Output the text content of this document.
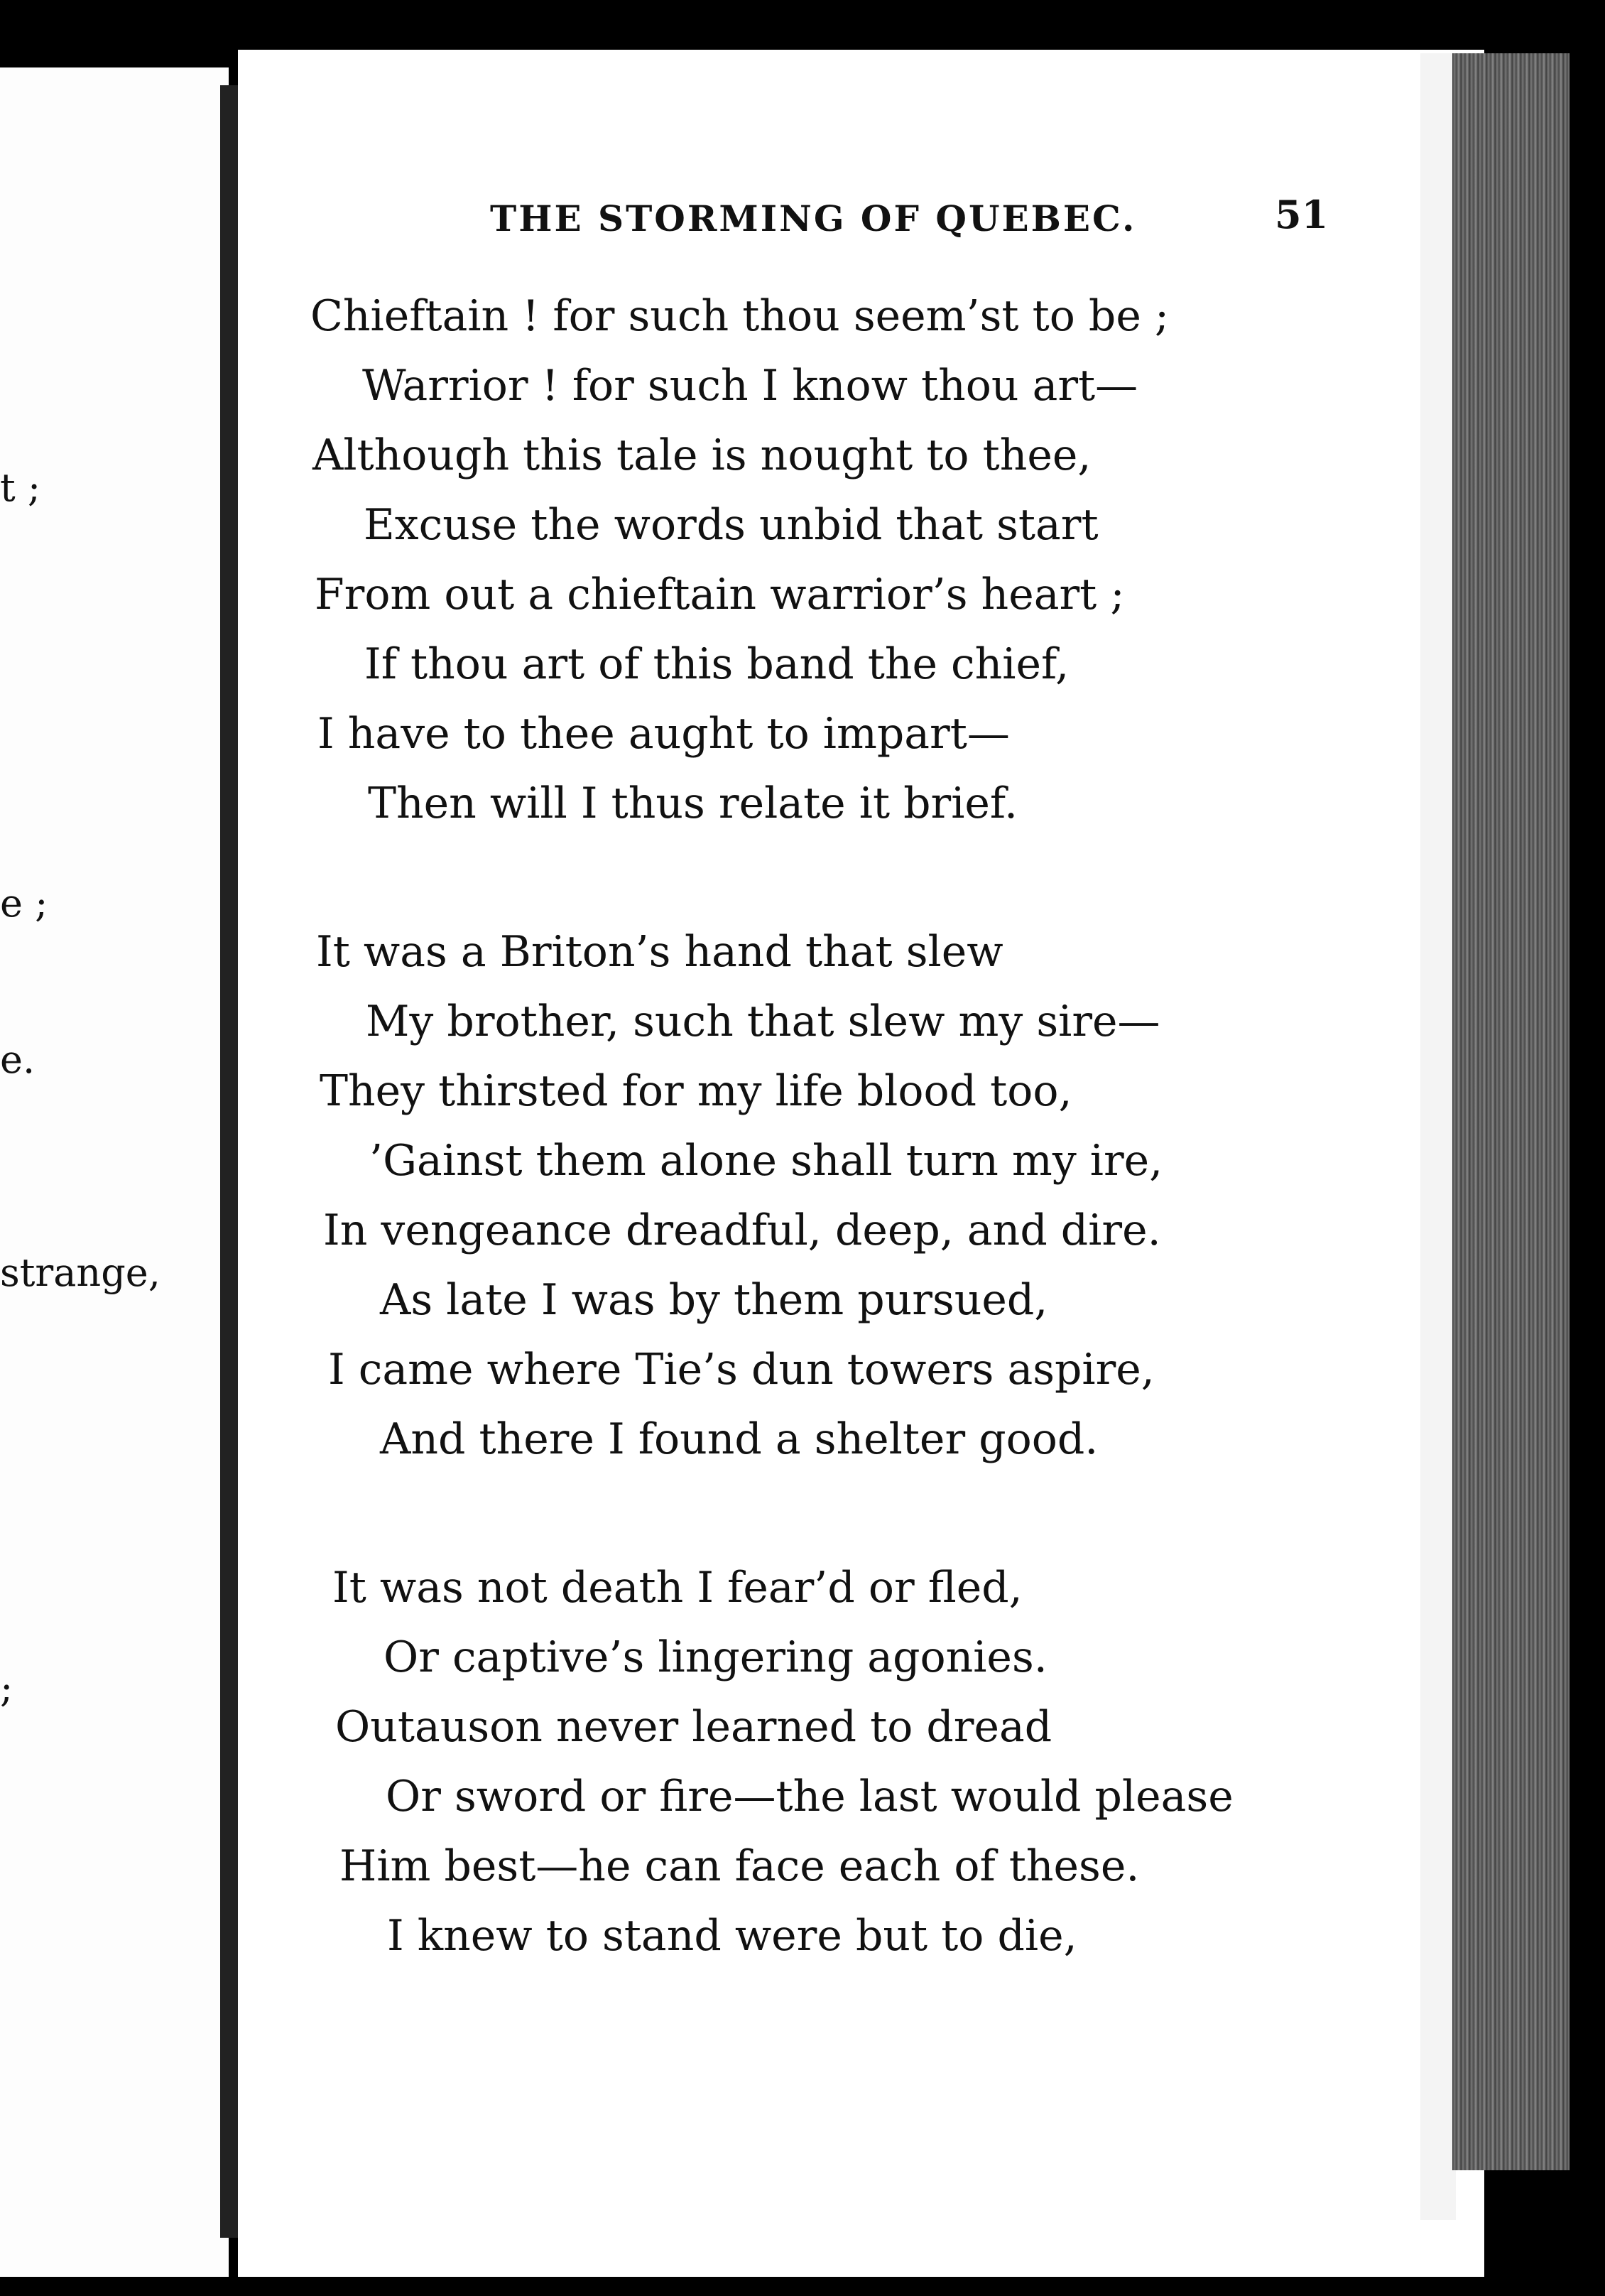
t ;
e ;
e.
strange,
;
THE STORMING OF QUEBEC.	51
Chieftain ! for such thou seem’st to be ;
Warrior ! for such I know thou art—
Although this tale is nought to thee,
Excuse the words unbid that start
From out a chieftain warrior’s heart ;
If thou art of this band the chief,
I have to thee aught to impart—
Then will I thus relate it brief.
It was a Briton’s hand that slew
My brother, such that slew my sire—
They thirsted for my life blood too,
’Gainst them alone shall turn my ire,
In vengeance dreadful, deep, and dire.
As late I was by them pursued,
I came where Tie’s dun towers aspire,
And there I found a shelter good.
It was not death I fear’d or fled,
Or captive’s lingering agonies.
Outauson never learned to dread
Or sword or fire—the last would please
Him best—he can face each of these.
I knew to stand were but to die,
